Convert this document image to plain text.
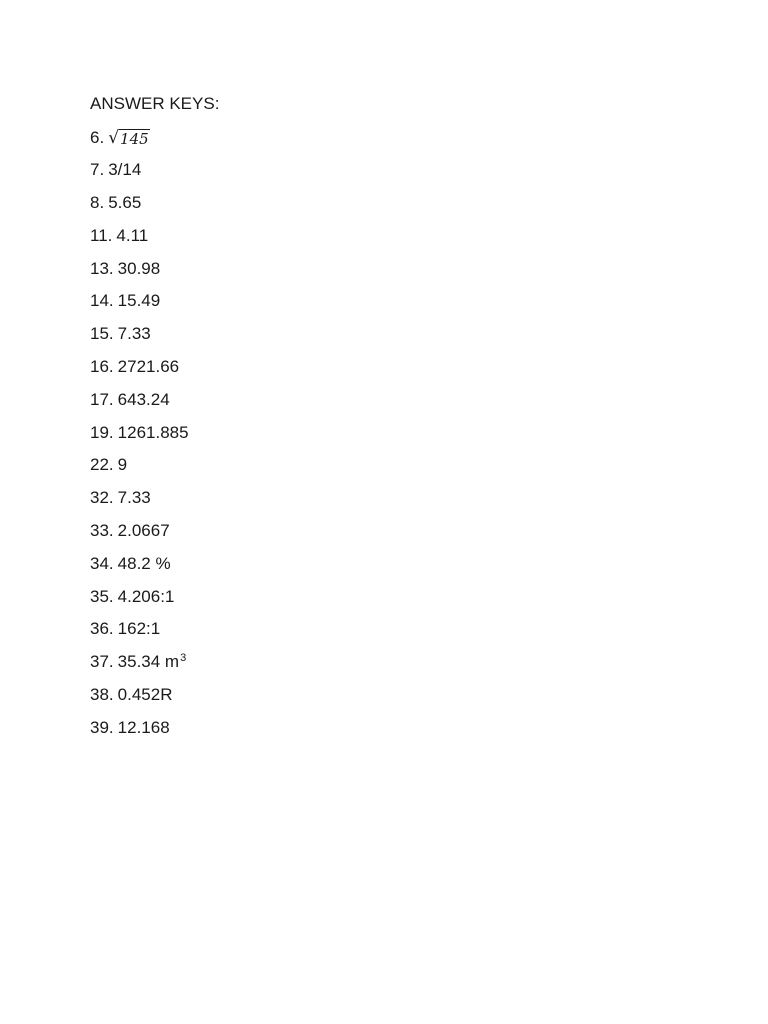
ANSWER KEYS:
6 . √145
7 . 3/14
8 . 5.65
11 . 4.11
13 . 30.98
14 . 15.49
15 . 7.33
16 . 2721.66
17 . 643.24
19 . 1261.885
22 . 9
32 . 7.33
33 . 2.0667
34 . 48.2 %
35 . 4.206:1
36 . 162:1
37 . 35.34 $m^3$
38 . 0.452R
39 . 12.168
